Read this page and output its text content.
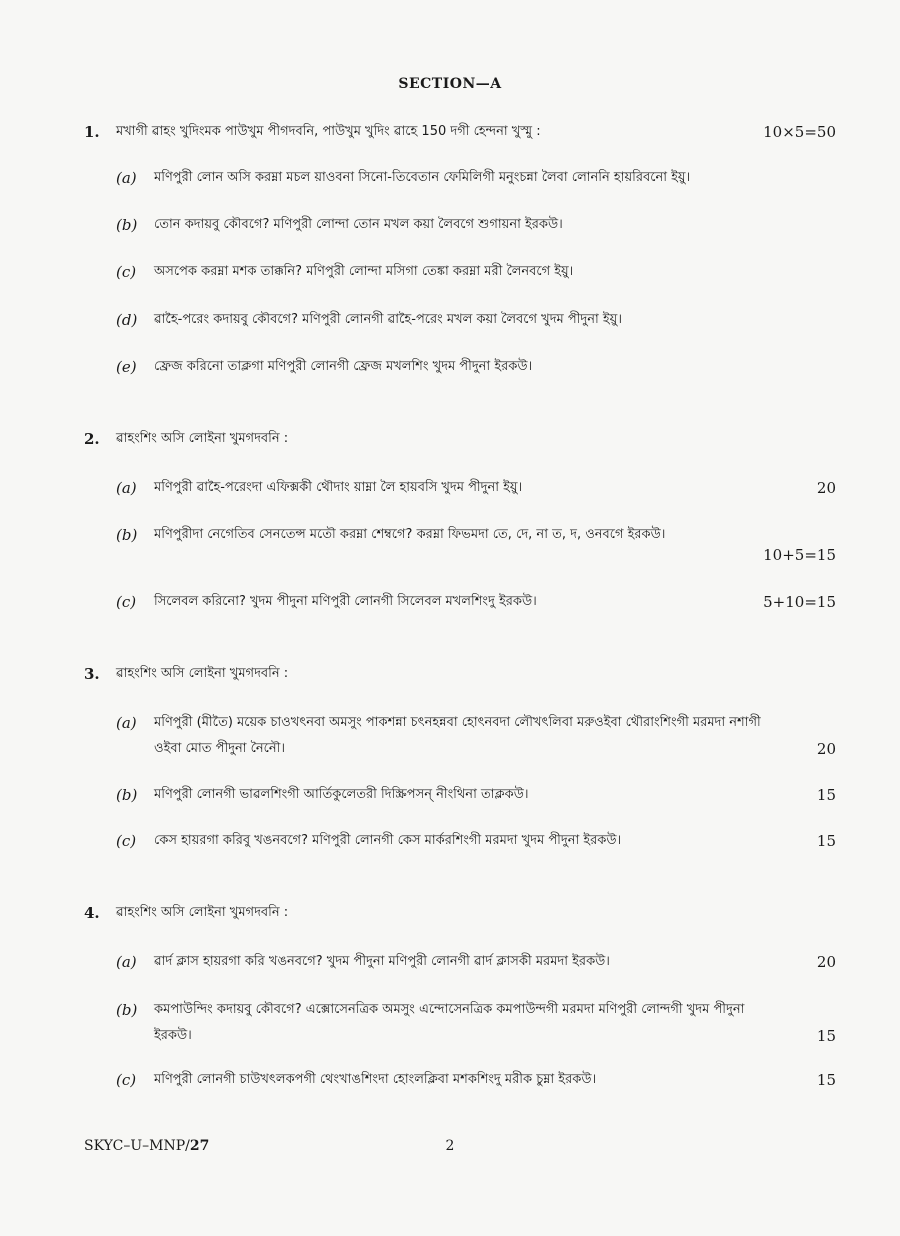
SECTION—A
1. মখাগী ৱাহং খুদিংমক পাউখুম পীগদবনি, পাউখুম খুদিং ৱাহে 150 দগী হেন্দনা খুস্মু :	10×5=50
(a) মণিপুরী লোন অসি করম্না মচল য়াওবনা সিনো-তিবেতান ফেমিলিগী মনুংচন্না লৈবা লোননি হায়রিবনো ইয়ু।
(b) তোন কদায়বু কৌবগে? মণিপুরী লোন্দা তোন মখল কয়া লৈবগে শুগায়না ইরকউ।
(c) অসপেক করম্না মশক তাক্কনি? মণিপুরী লোন্দা মসিগা তেঙ্কা করম্না মরী লৈনবগে ইয়ু।
(d) ৱাহৈ-পরেং কদায়বু কৌবগে? মণিপুরী লোনগী ৱাহৈ-পরেং মখল কয়া লৈবগে খুদম পীদুনা ইয়ু।
(e) ফ্রেজ করিনো তাক্লগা মণিপুরী লোনগী ফ্রেজ মখলশিং খুদম পীদুনা ইরকউ।
2. ৱাহংশিং অসি লোইনা খুমগদবনি :
(a) মণিপুরী ৱাহৈ-পরেংদা এফিক্সকী থৌদাং য়াম্না লৈ হায়বসি খুদম পীদুনা ইয়ু।	20
(b) মণিপুরীদা নেগেতিব সেনতেন্স মতৌ করম্না শেম্বগে? করম্না ফিভমদা তে, দে, না ত, দ, ওনবগে ইরকউ।
10+5=15
(c) সিলেবল করিনো? খুদম পীদুনা মণিপুরী লোনগী সিলেবল মখলশিংদু ইরকউ।	5+10=15
3. ৱাহংশিং অসি লোইনা খুমগদবনি :
(a) মণিপুরী (মীতৈ) ময়েক চাওখৎনবা অমসুং পাকশন্না চৎনহন্নবা হোৎনবদা লৌখৎলিবা মরুওইবা থৌরাংশিংগী মরমদা নশাগী ওইবা মোত পীদুনা নৈনৌ।	20
(b) মণিপুরী লোনগী ভাৱলশিংগী আর্তিকুলেতরী দিস্ক্রিপসন্ নীংথিনা তাক্লকউ।	15
(c) কেস হায়রগা করিবু খঙনবগে? মণিপুরী লোনগী কেস মার্করশিংগী মরমদা খুদম পীদুনা ইরকউ।	15
4. ৱাহংশিং অসি লোইনা খুমগদবনি :
(a) ৱার্দ ক্লাস হায়রগা করি খঙনবগে? খুদম পীদুনা মণিপুরী লোনগী ৱার্দ ক্লাসকী মরমদা ইরকউ।	20
(b) কমপাউন্দিং কদায়বু কৌবগে? এক্সোসেনত্রিক অমসুং এন্দোসেনত্রিক কমপাউন্দগী মরমদা মণিপুরী লোন্দগী খুদম পীদুনা ইরকউ।	15
(c) মণিপুরী লোনগী চাউখৎলকপগী থেংখাঙশিংদা হোংলক্লিবা মশকশিংদু মরীক চুম্না ইরকউ।	15
SKYC–U–MNP/27	2
